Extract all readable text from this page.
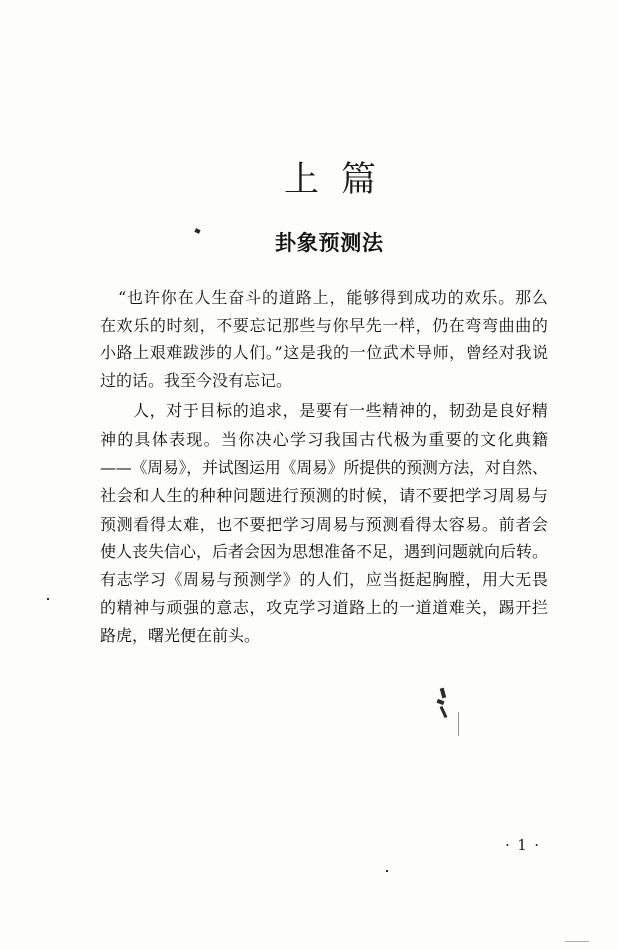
上 篇
卦象预测法
“也许你在人生奋斗的道路上，能够得到成功的欢乐。那么
在欢乐的时刻，不要忘记那些与你早先一样，仍在弯弯曲曲的
小路上艰难跋涉的人们。”这是我的一位武术导师，曾经对我说
过的话。我至今没有忘记。
人，对于目标的追求，是要有一些精神的，韧劲是良好精
神的具体表现。当你决心学习我国古代极为重要的文化典籍
——《周易》，并试图运用《周易》所提供的预测方法，对自然、
社会和人生的种种问题进行预测的时候，请不要把学习周易与
预测看得太难，也不要把学习周易与预测看得太容易。前者会
使人丧失信心，后者会因为思想准备不足，遇到问题就向后转。
有志学习《周易与预测学》的人们，应当挺起胸膛，用大无畏
的精神与顽强的意志，攻克学习道路上的一道道难关，踢开拦
路虎，曙光便在前头。
· 1 ·
